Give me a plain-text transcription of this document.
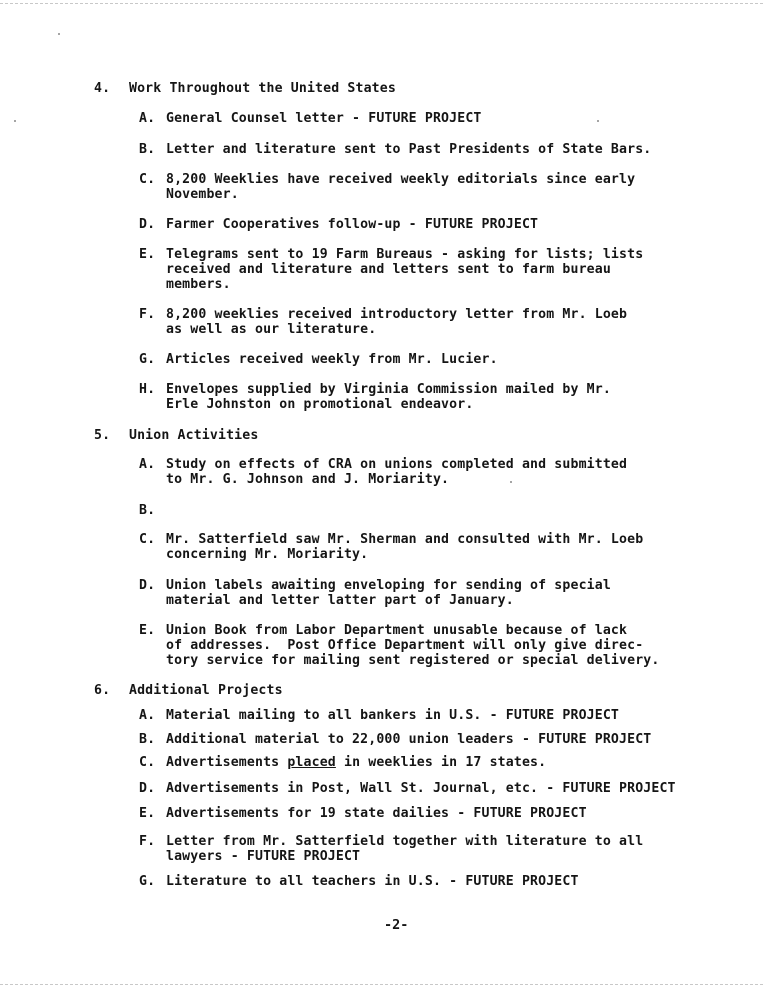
4. Work Throughout the United States
A. General Counsel letter - FUTURE PROJECT
B. Letter and literature sent to Past Presidents of State Bars.
C. 8,200 Weeklies have received weekly editorials since early
November.
D. Farmer Cooperatives follow-up - FUTURE PROJECT
E. Telegrams sent to 19 Farm Bureaus - asking for lists; lists
received and literature and letters sent to farm bureau
members.
F. 8,200 weeklies received introductory letter from Mr. Loeb
as well as our literature.
G. Articles received weekly from Mr. Lucier.
H. Envelopes supplied by Virginia Commission mailed by Mr.
Erle Johnston on promotional endeavor.
5. Union Activities
A. Study on effects of CRA on unions completed and submitted
to Mr. G. Johnson and J. Moriarity.
B.
C. Mr. Satterfield saw Mr. Sherman and consulted with Mr. Loeb
concerning Mr. Moriarity.
D. Union labels awaiting enveloping for sending of special
material and letter latter part of January.
E. Union Book from Labor Department unusable because of lack
of addresses.  Post Office Department will only give direc-
tory service for mailing sent registered or special delivery.
6. Additional Projects
A. Material mailing to all bankers in U.S. - FUTURE PROJECT
B. Additional material to 22,000 union leaders - FUTURE PROJECT
C. Advertisements placed in weeklies in 17 states.
D. Advertisements in Post, Wall St. Journal, etc. - FUTURE PROJECT
E. Advertisements for 19 state dailies - FUTURE PROJECT
F. Letter from Mr. Satterfield together with literature to all
lawyers - FUTURE PROJECT
G. Literature to all teachers in U.S. - FUTURE PROJECT
-2-
